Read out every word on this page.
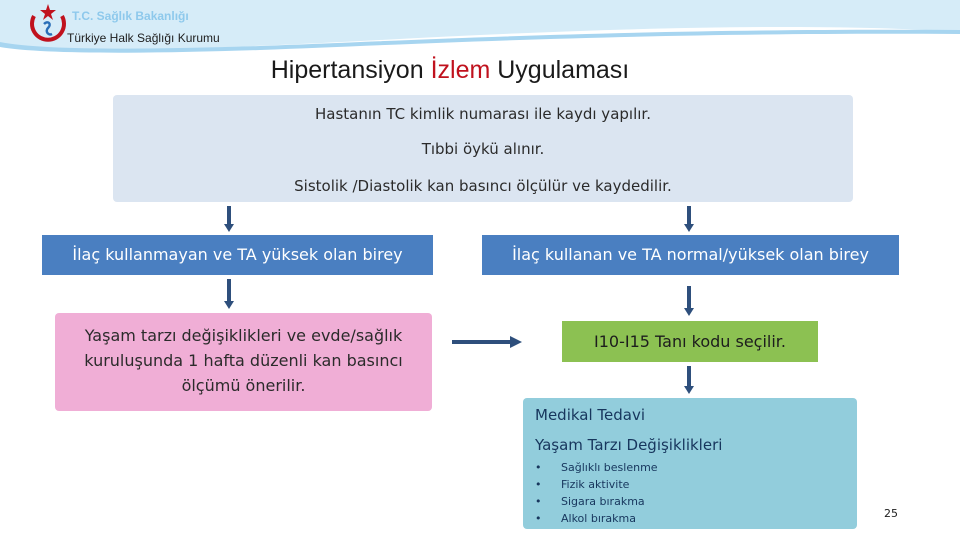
T.C. Sağlık Bakanlığı
Türkiye Halk Sağlığı Kurumu
Hipertansiyon İzlem Uygulaması
Hastanın TC kimlik numarası ile kaydı yapılır.
Tıbbi öykü alınır.
Sistolik /Diastolik kan basıncı ölçülür ve kaydedilir.
İlaç kullanmayan ve TA yüksek olan birey	İlaç kullanan ve TA normal/yüksek olan birey
Yaşam tarzı değişiklikleri ve evde/sağlık
kuruluşunda 1 hafta düzenli kan basıncı
ölçümü önerilir.
I10-I15 Tanı kodu seçilir.
Medikal Tedavi
Yaşam Tarzı Değişiklikleri
• Sağlıklı beslenme
• Fizik aktivite
• Sigara bırakma
• Alkol bırakma	25
